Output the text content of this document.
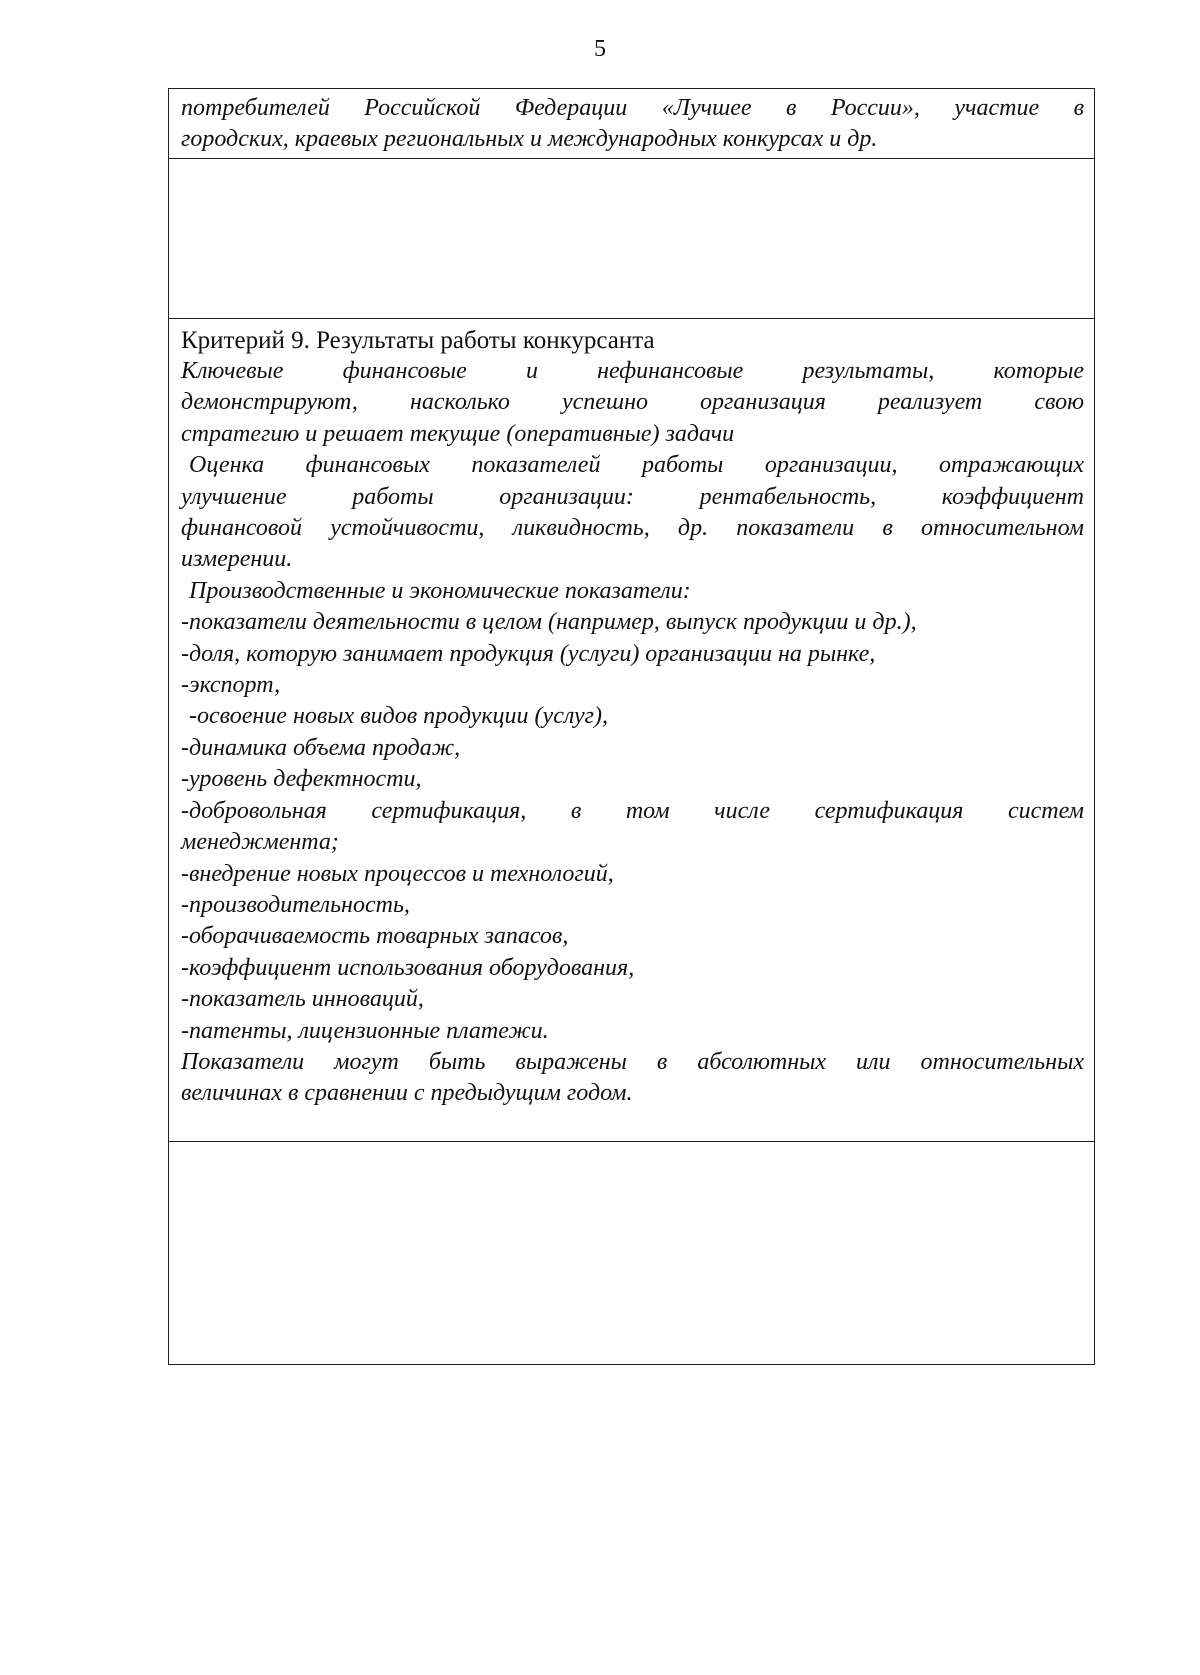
5
потребителей Российской Федерации «Лучшее в России», участие в
городских, краевых региональных и международных конкурсах и др.

Критерий 9. Результаты работы конкурсанта

Ключевые финансовые и нефинансовые результаты, которые
демонстрируют, насколько успешно организация реализует свою
стратегию и решает текущие (оперативные) задачи
Оценка финансовых показателей работы организации, отражающих
улучшение работы организации: рентабельность, коэффициент
финансовой устойчивости, ликвидность, др. показатели в относительном
измерении.
Производственные и экономические показатели:
-показатели деятельности в целом (например, выпуск продукции и др.),
-доля, которую занимает продукция (услуги) организации на рынке,
-экспорт,
-освоение новых видов продукции (услуг),
-динамика объема продаж,
-уровень дефектности,
-добровольная сертификация, в том числе сертификация систем
менеджмента;
-внедрение новых процессов и технологий,
-производительность,
-оборачиваемость товарных запасов,
-коэффициент использования оборудования,
-показатель инноваций,
-патенты, лицензионные платежи.
Показатели могут быть выражены в абсолютных или относительных
величинах в сравнении с предыдущим годом.
